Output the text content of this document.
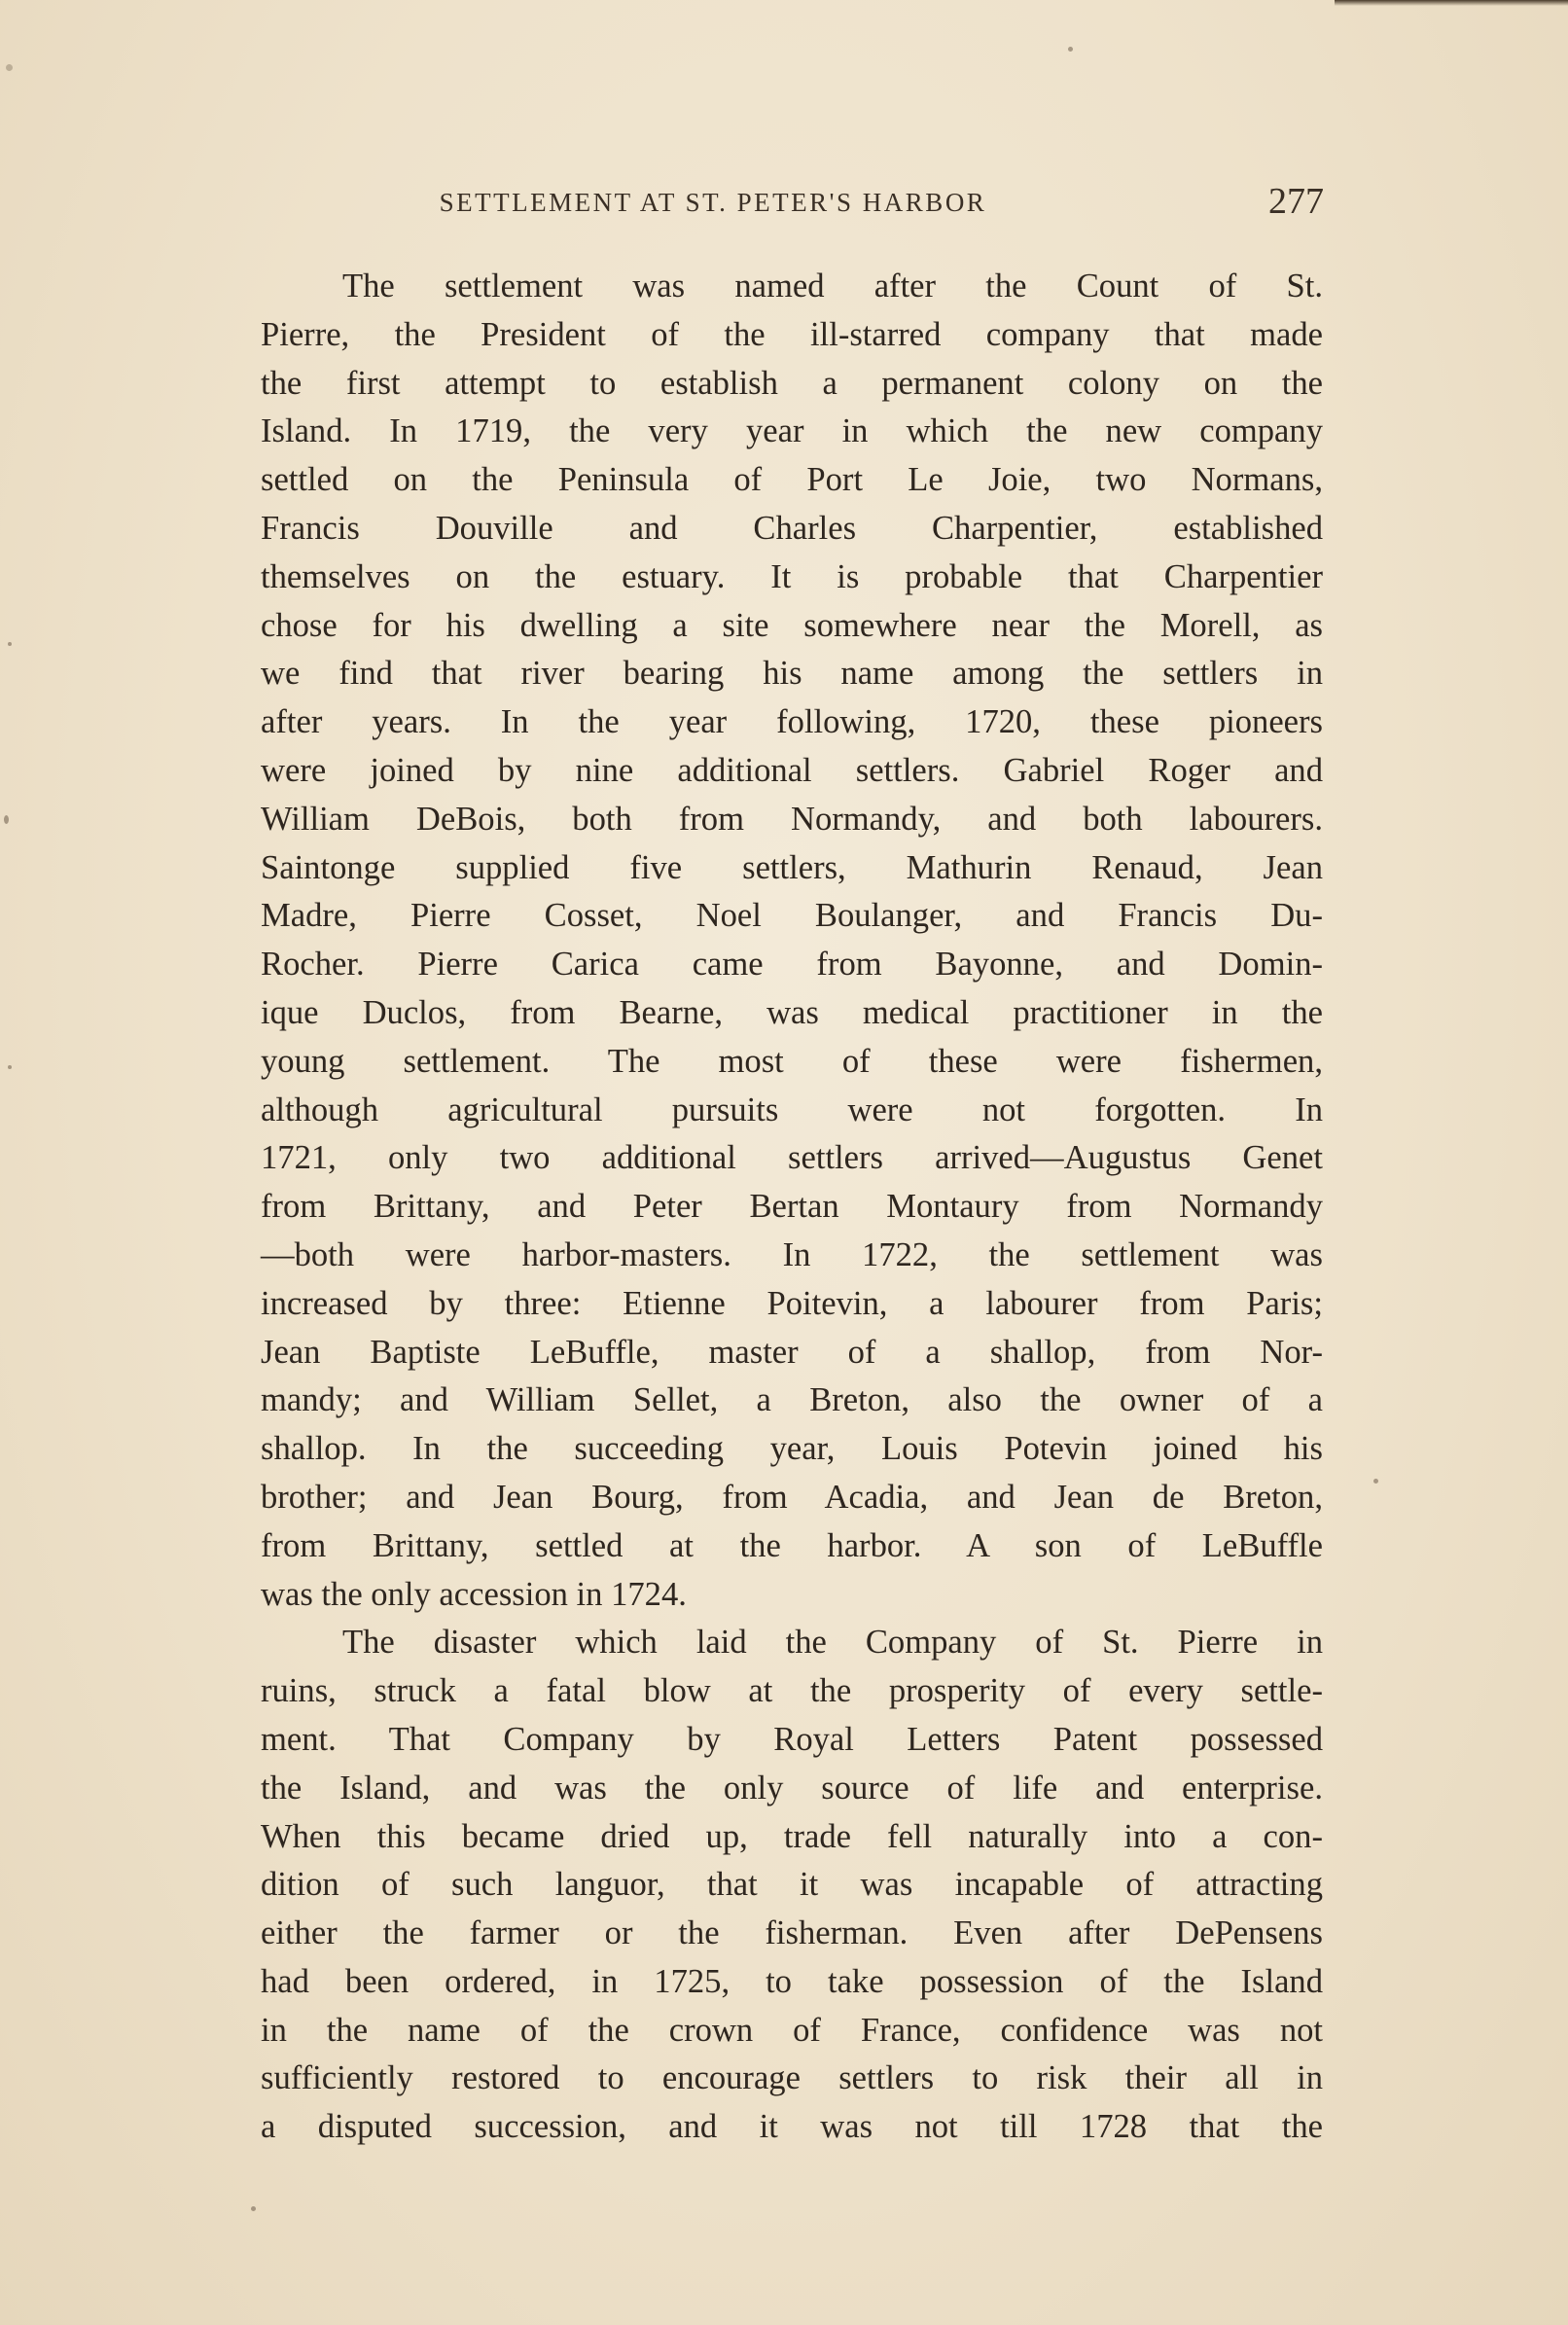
SETTLEMENT AT ST. PETER'S HARBOR	277
The settlement was named after the Count of St.
Pierre, the President of the ill-starred company that made
the first attempt to establish a permanent colony on the
Island. In 1719, the very year in which the new company
settled on the Peninsula of Port Le Joie, two Normans,
Francis Douville and Charles Charpentier, established
themselves on the estuary. It is probable that Charpentier
chose for his dwelling a site somewhere near the Morell, as
we find that river bearing his name among the settlers in
after years. In the year following, 1720, these pioneers
were joined by nine additional settlers. Gabriel Roger and
William DeBois, both from Normandy, and both labourers.
Saintonge supplied five settlers, Mathurin Renaud, Jean
Madre, Pierre Cosset, Noel Boulanger, and Francis Du-
Rocher. Pierre Carica came from Bayonne, and Domin-
ique Duclos, from Bearne, was medical practitioner in the
young settlement. The most of these were fishermen,
although agricultural pursuits were not forgotten. In
1721, only two additional settlers arrived—Augustus Genet
from Brittany, and Peter Bertan Montaury from Normandy
—both were harbor-masters. In 1722, the settlement was
increased by three: Etienne Poitevin, a labourer from Paris;
Jean Baptiste LeBuffle, master of a shallop, from Nor-
mandy; and William Sellet, a Breton, also the owner of a
shallop. In the succeeding year, Louis Potevin joined his
brother; and Jean Bourg, from Acadia, and Jean de Breton,
from Brittany, settled at the harbor. A son of LeBuffle
was the only accession in 1724.
The disaster which laid the Company of St. Pierre in
ruins, struck a fatal blow at the prosperity of every settle-
ment. That Company by Royal Letters Patent possessed
the Island, and was the only source of life and enterprise.
When this became dried up, trade fell naturally into a con-
dition of such languor, that it was incapable of attracting
either the farmer or the fisherman. Even after DePensens
had been ordered, in 1725, to take possession of the Island
in the name of the crown of France, confidence was not
sufficiently restored to encourage settlers to risk their all in
a disputed succession, and it was not till 1728 that the
